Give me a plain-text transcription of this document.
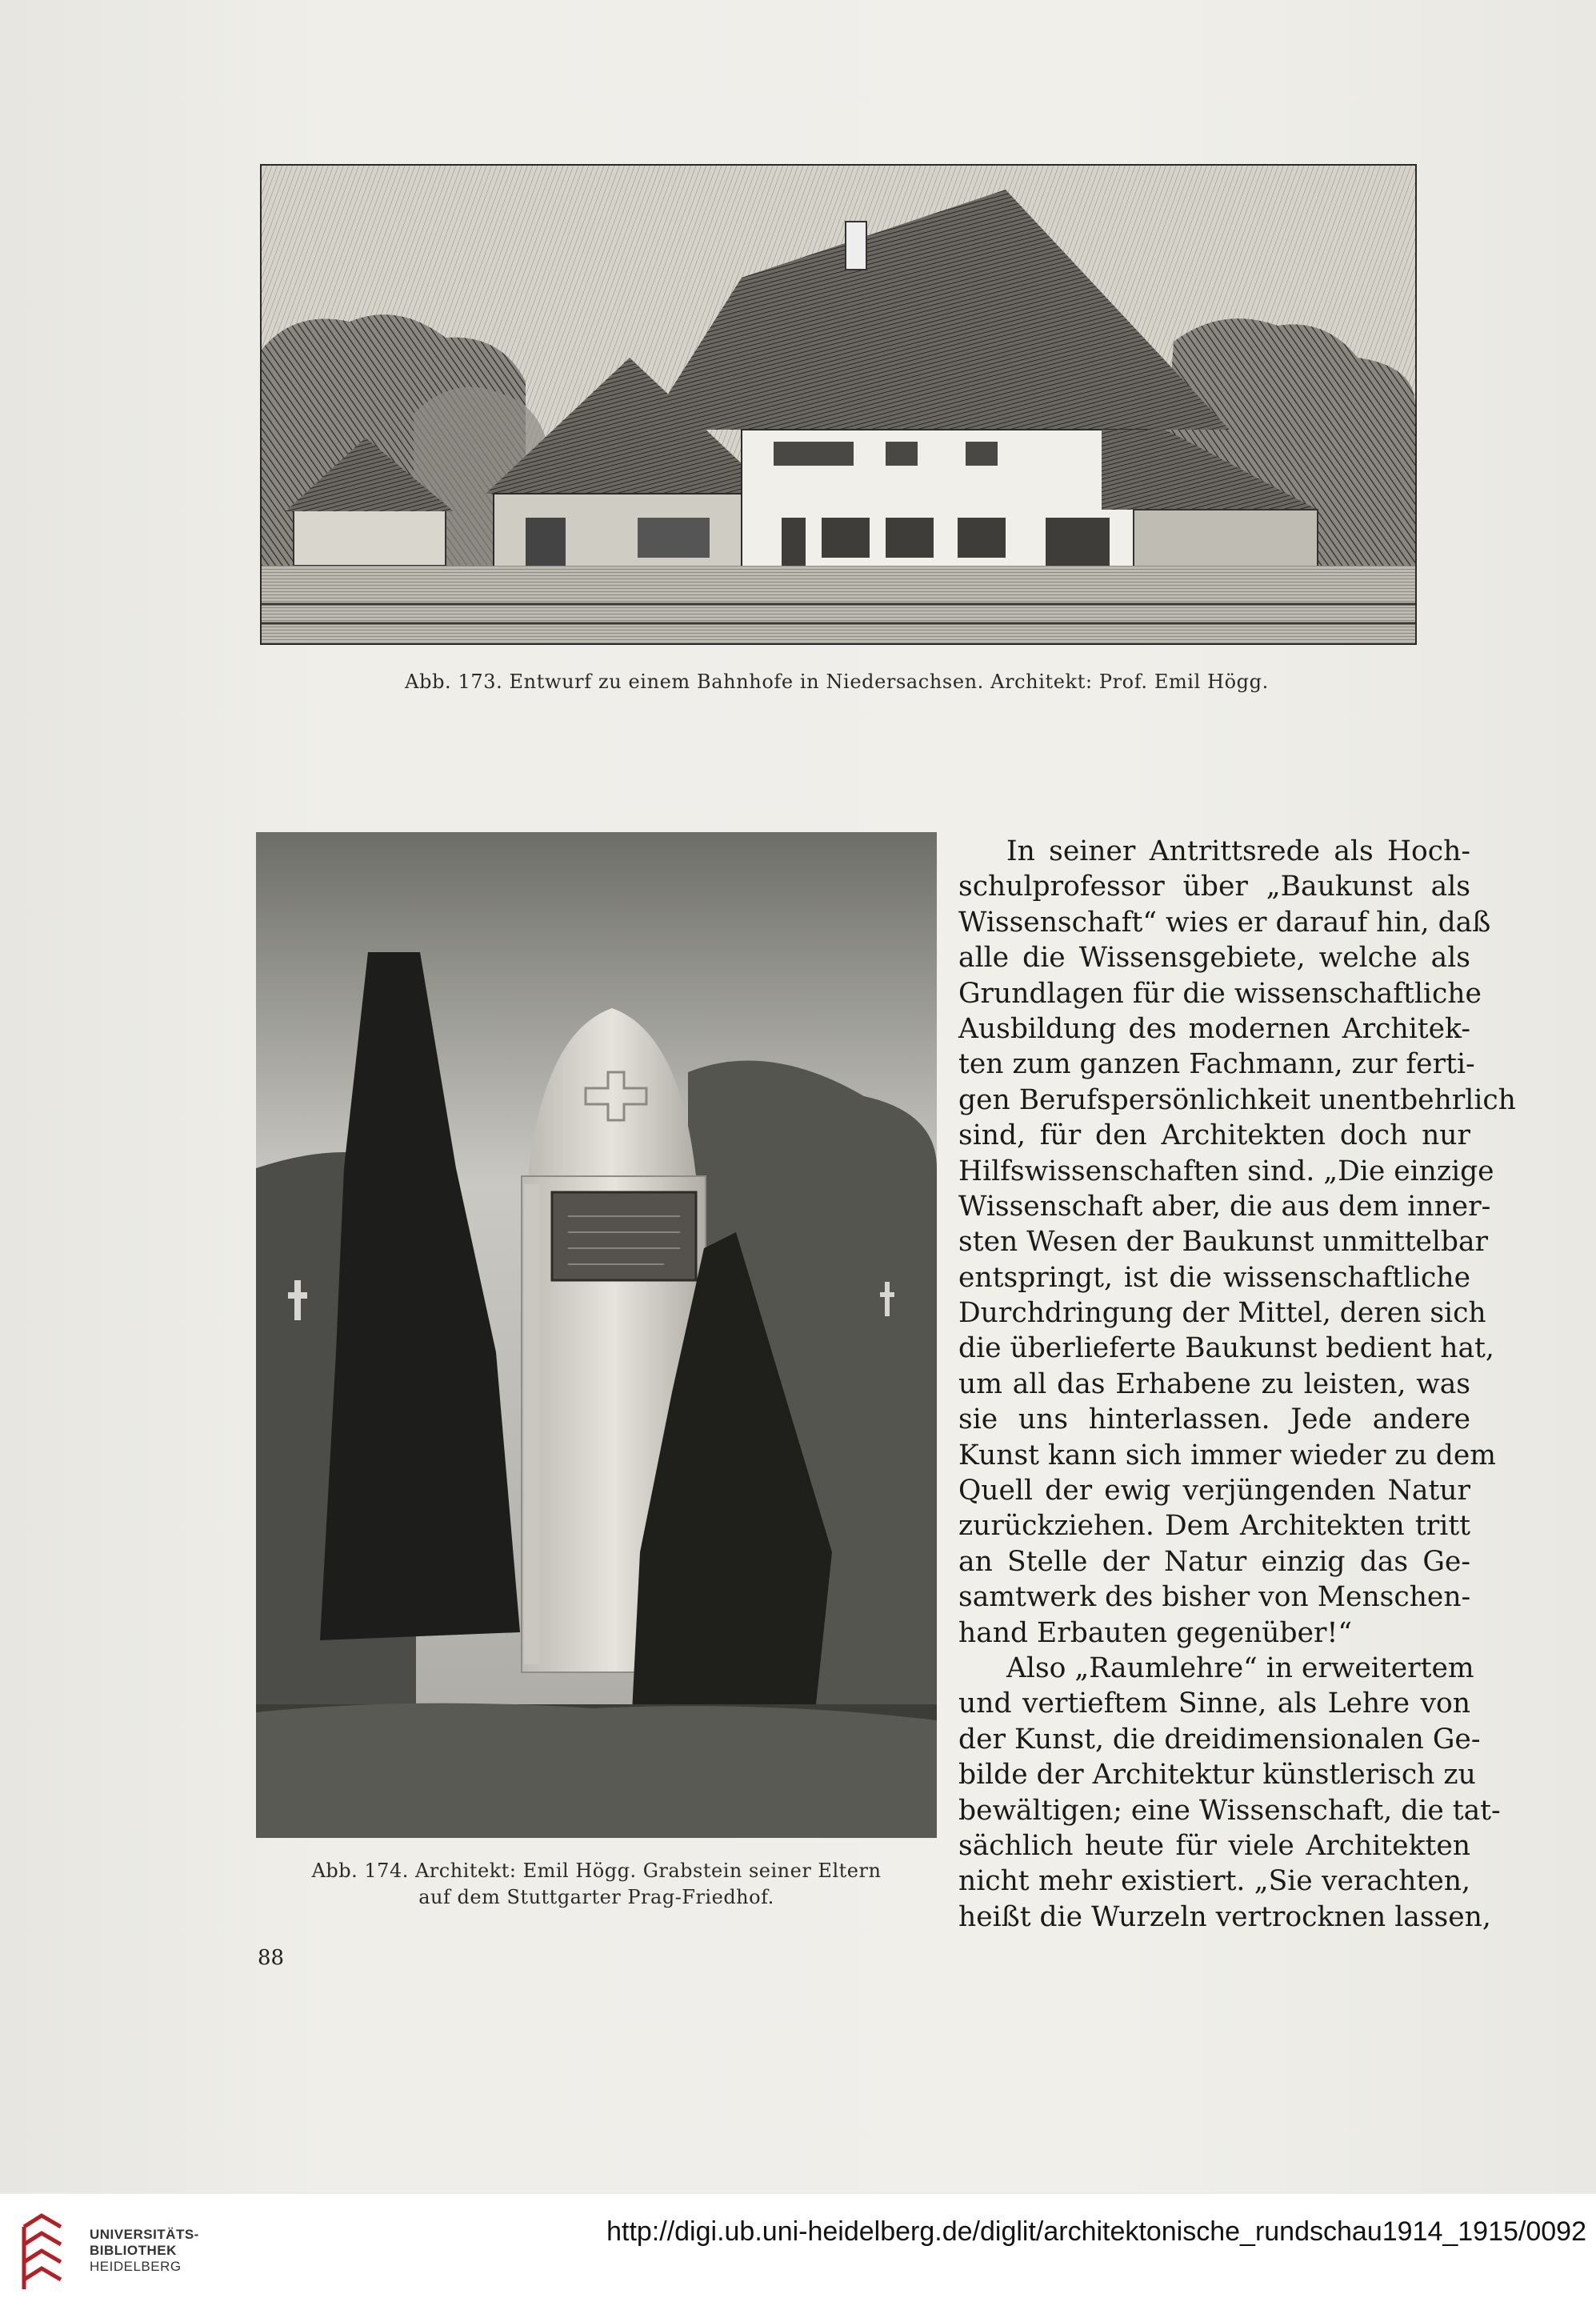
Abb. 173. Entwurf zu einem Bahnhofe in Niedersachsen. Architekt: Prof. Emil Högg.
Abb. 174. Architekt: Emil Högg. Grabstein seiner Eltern
auf dem Stuttgarter Prag-Friedhof.
In seiner Antrittsrede als Hoch-
schulprofessor über „Baukunst als
Wissenschaft“ wies er darauf hin, daß
alle die Wissensgebiete, welche als
Grundlagen für die wissenschaftliche
Ausbildung des modernen Architek-
ten zum ganzen Fachmann, zur ferti-
gen Berufspersönlichkeit unentbehrlich
sind, für den Architekten doch nur
Hilfswissenschaften sind. „Die einzige
Wissenschaft aber, die aus dem inner-
sten Wesen der Baukunst unmittelbar
entspringt, ist die wissenschaftliche
Durchdringung der Mittel, deren sich
die überlieferte Baukunst bedient hat,
um all das Erhabene zu leisten, was
sie uns hinterlassen. Jede andere
Kunst kann sich immer wieder zu dem
Quell der ewig verjüngenden Natur
zurückziehen. Dem Architekten tritt
an Stelle der Natur einzig das Ge-
samtwerk des bisher von Menschen-
hand Erbauten gegenüber!“
Also „Raumlehre“ in erweitertem
und vertieftem Sinne, als Lehre von
der Kunst, die dreidimensionalen Ge-
bilde der Architektur künstlerisch zu
bewältigen; eine Wissenschaft, die tat-
sächlich heute für viele Architekten
nicht mehr existiert. „Sie verachten,
heißt die Wurzeln vertrocknen lassen,
88
UNIVERSITÄTS-
BIBLIOTHEK
HEIDELBERG
http://digi.ub.uni-heidelberg.de/diglit/architektonische_rundschau1914_1915/0092
